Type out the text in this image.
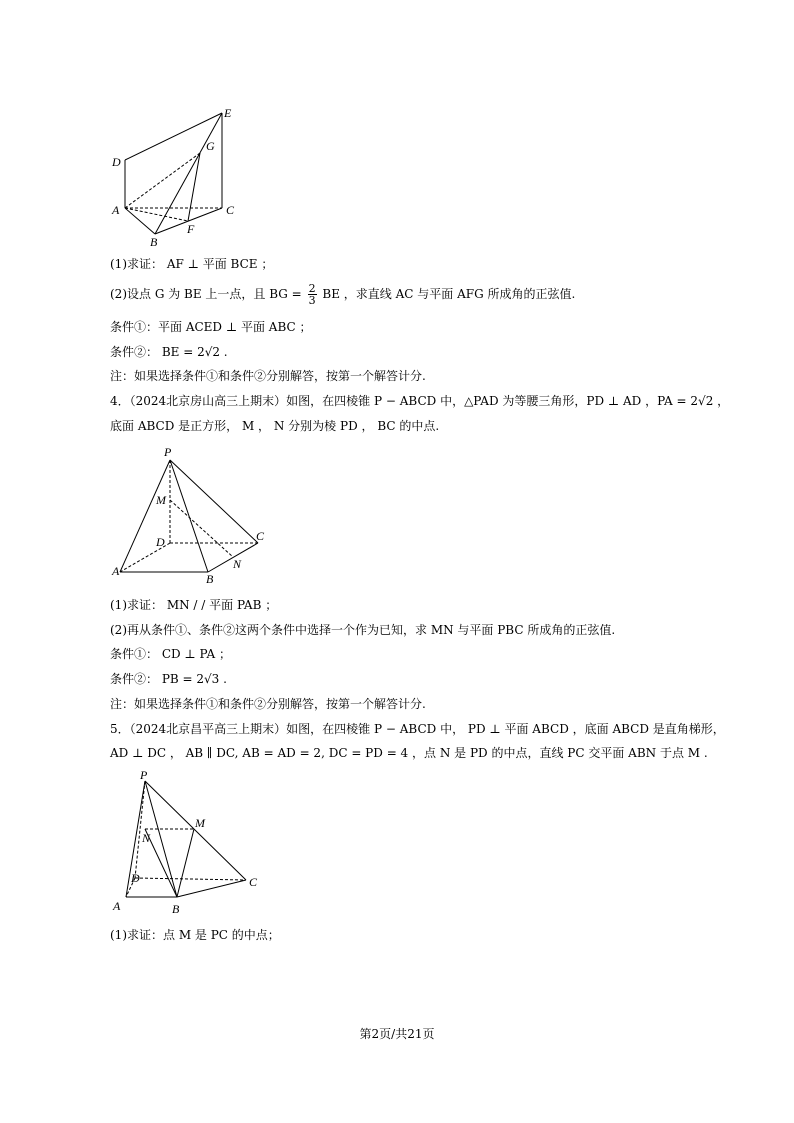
E
D
G
A	C
B
F
P
M
D	C
A
B
N
P
M
N
D	C
A	B
(1)求证： AF ⊥ 平面 BCE ；
(2)设点 G 为 BE 上一点，且 BG = $\frac{2}{3}$ BE ，求直线 AC 与平面 AFG 所成角的正弦值.
条件①：平面 ACED ⊥ 平面 ABC ；
条件②： BE = 2√2 .
注：如果选择条件①和条件②分别解答，按第一个解答计分.
4．（2024北京房山高三上期末）如图，在四棱锥 P − ABCD 中，△PAD 为等腰三角形，PD ⊥ AD ，PA = 2√2 ，
底面 ABCD 是正方形， M ， N 分别为棱 PD ， BC 的中点.
(1)求证： MN / / 平面 PAB ；
(2)再从条件①、条件②这两个条件中选择一个作为已知，求 MN 与平面 PBC 所成角的正弦值.
条件①： CD ⊥ PA ；
条件②： PB = 2√3 .
注：如果选择条件①和条件②分别解答，按第一个解答计分.
5．（2024北京昌平高三上期末）如图，在四棱锥 P − ABCD 中， PD ⊥ 平面 ABCD ，底面 ABCD 是直角梯形，
AD ⊥ DC ， AB ∥ DC, AB = AD = 2, DC = PD = 4 ，点 N 是 PD 的中点，直线 PC 交平面 ABN 于点 M .
(1)求证：点 M 是 PC 的中点；
第2页/共21页
